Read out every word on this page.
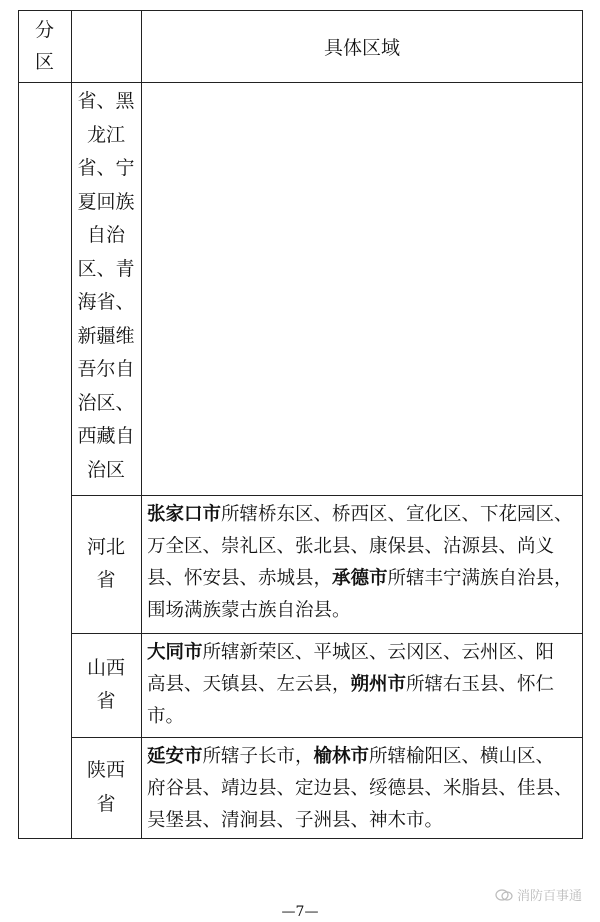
分
区
具体区域
省、黑
龙江
省、宁
夏回族
自治
区、青
海省、
新疆维
吾尔自
治区、
西藏自
治区
河北
省
张家口市所辖桥东区、桥西区、宣化区、下花园区、
万全区、崇礼区、张北县、康保县、沽源县、尚义
县、怀安县、赤城县，承德市所辖丰宁满族自治县，
围场满族蒙古族自治县。
山西
省
大同市所辖新荣区、平城区、云冈区、云州区、阳
高县、天镇县、左云县，朔州市所辖右玉县、怀仁
市。
陕西
省
延安市所辖子长市，榆林市所辖榆阳区、横山区、
府谷县、靖边县、定边县、绥德县、米脂县、佳县、
吴堡县、清涧县、子洲县、神木市。
消防百事通
—7—
